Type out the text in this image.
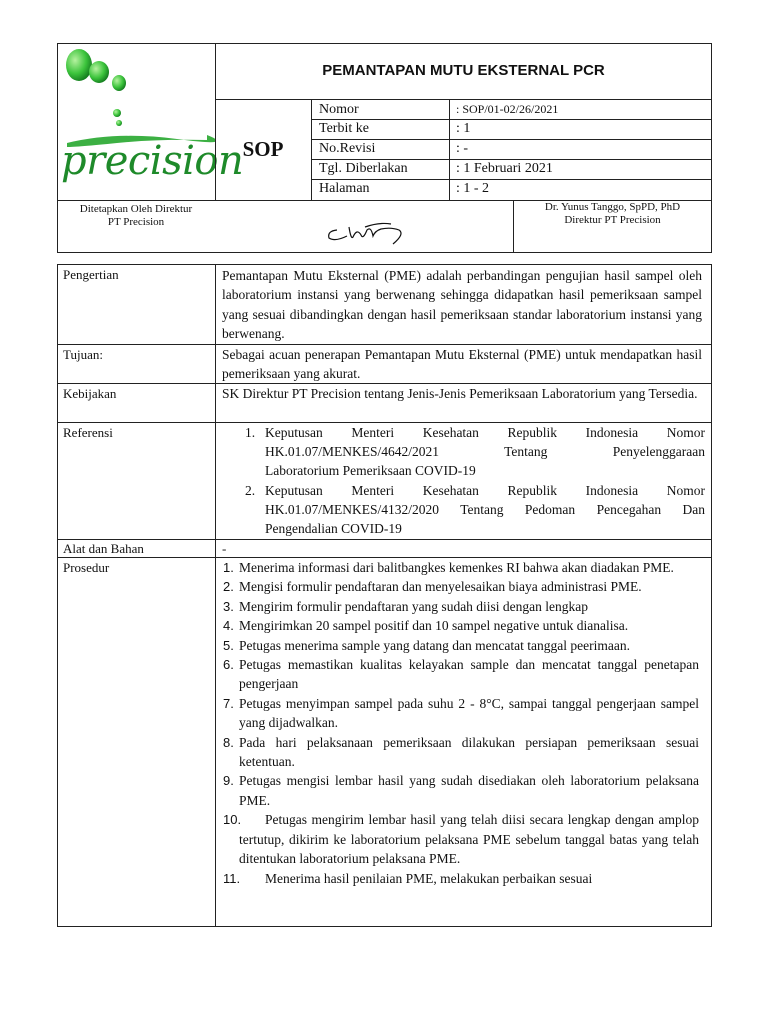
precision
PEMANTAPAN MUTU EKSTERNAL PCR
SOP
Nomor	: SOP/01-02/26/2021
Terbit ke	: 1
No.Revisi	: -
Tgl. Diberlakan	: 1 Februari 2021
Halaman	: 1 - 2
Ditetapkan Oleh Direktur
PT Precision
Dr. Yunus Tanggo, SpPD, PhD
Direktur PT Precision
Pengertian	Pemantapan Mutu Eksternal (PME) adalah perbandingan pengujian hasil sampel oleh laboratorium instansi yang berwenang sehingga didapatkan hasil pemeriksaan sampel yang sesuai dibandingkan dengan hasil pemeriksaan standar laboratorium instansi yang berwenang.
Tujuan:	Sebagai acuan penerapan Pemantapan Mutu Eksternal (PME) untuk mendapatkan hasil pemeriksaan yang akurat.
Kebijakan	SK Direktur PT Precision tentang Jenis-Jenis Pemeriksaan Laboratorium yang Tersedia.
Referensi	1. Keputusan Menteri Kesehatan Republik Indonesia Nomor
HK.01.07/MENKES/4642/2021 Tentang Penyelenggaraan
Laboratorium Pemeriksaan COVID-19
2. Keputusan Menteri Kesehatan Republik Indonesia Nomor
HK.01.07/MENKES/4132/2020 Tentang Pedoman Pencegahan Dan
Pengendalian COVID-19
Alat dan Bahan	-
Prosedur	1. Menerima informasi dari balitbangkes kemenkes RI bahwa akan diadakan PME.
2. Mengisi formulir pendaftaran dan menyelesaikan biaya administrasi PME.
3. Mengirim formulir pendaftaran yang sudah diisi dengan lengkap
4. Mengirimkan 20 sampel positif dan 10 sampel negative untuk dianalisa.
5. Petugas menerima sample yang datang dan mencatat tanggal peerimaan.
6. Petugas memastikan kualitas kelayakan sample dan mencatat tanggal penetapan pengerjaan
7. Petugas menyimpan sampel pada suhu 2 - 8°C, sampai tanggal pengerjaan sampel yang dijadwalkan.
8. Pada hari pelaksanaan pemeriksaan dilakukan persiapan pemeriksaan sesuai ketentuan.
9. Petugas mengisi lembar hasil yang sudah disediakan oleh laboratorium pelaksana PME.
10.	Petugas mengirim lembar hasil yang telah diisi secara lengkap dengan amplop tertutup, dikirim ke laboratorium pelaksana PME sebelum tanggal batas yang telah ditentukan laboratorium pelaksana PME.
11.	Menerima hasil penilaian PME, melakukan perbaikan sesuai
